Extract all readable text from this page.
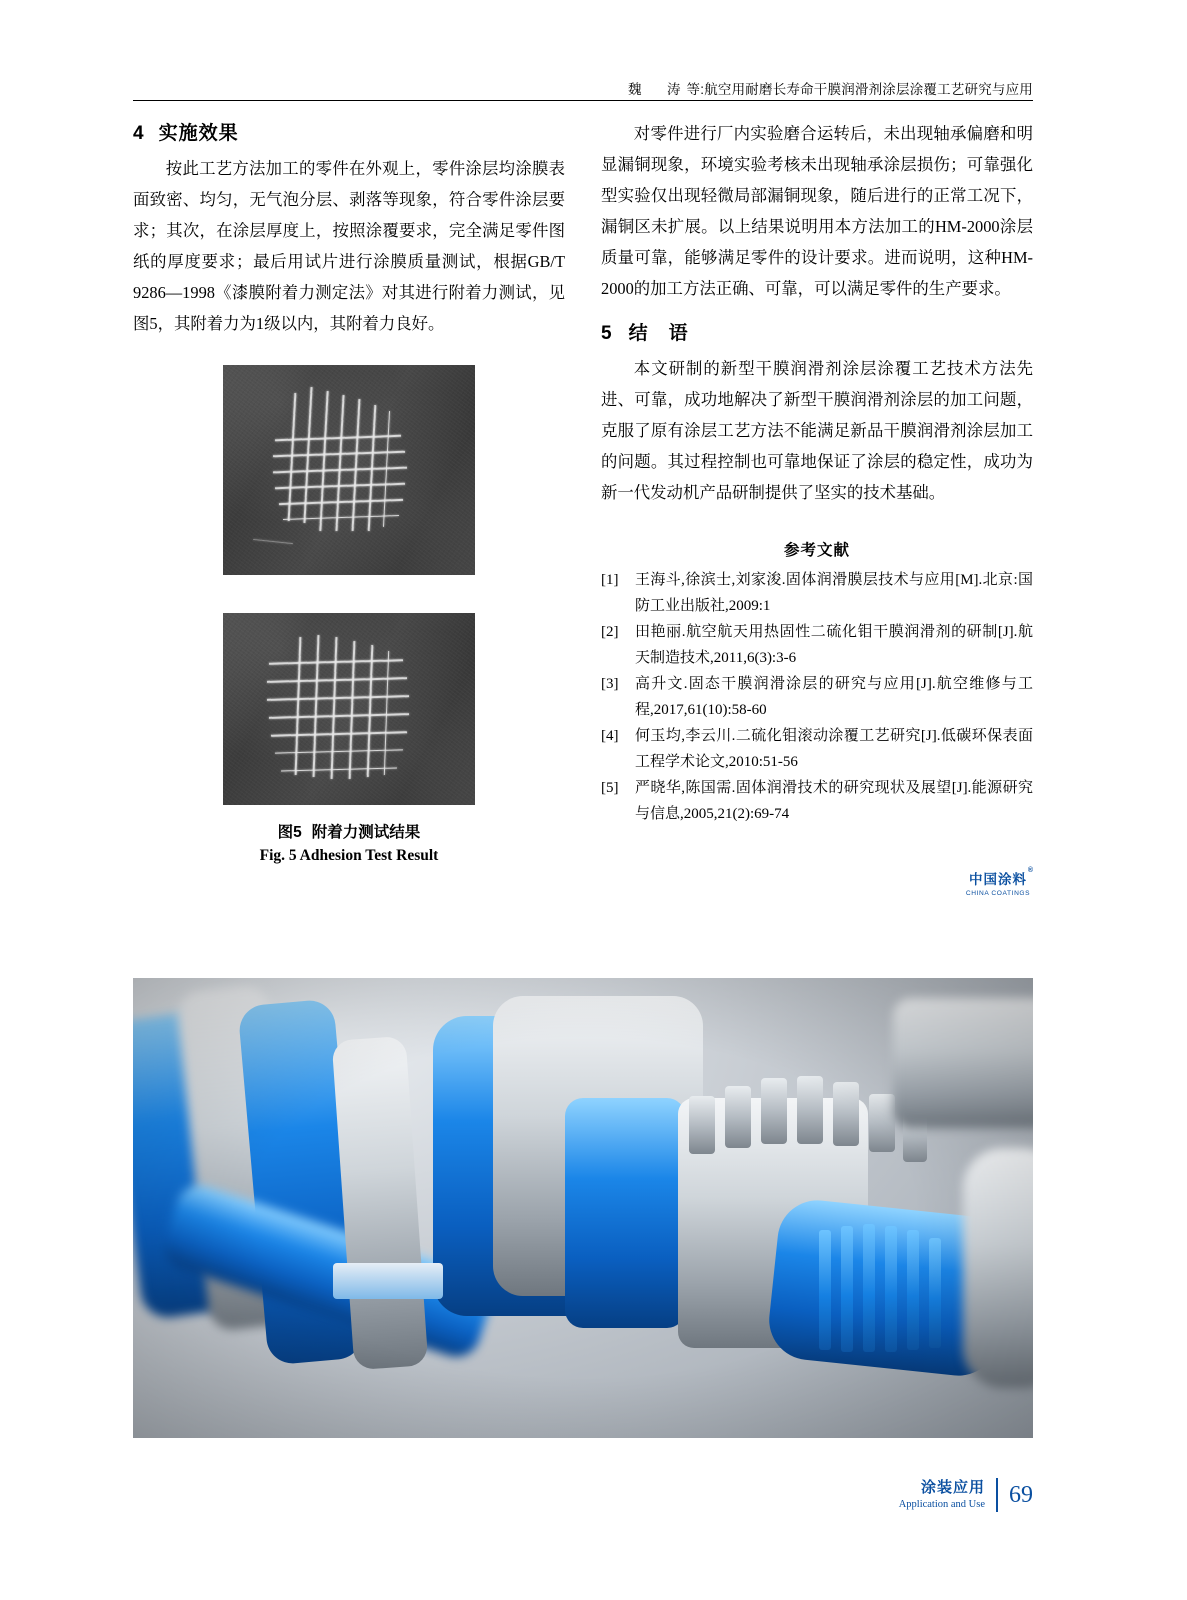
魏　涛等:航空用耐磨长寿命干膜润滑剂涂层涂覆工艺研究与应用
4 实施效果

按此工艺方法加工的零件在外观上，零件涂层均涂膜表面致密、均匀，无气泡分层、剥落等现象，符合零件涂层要求；其次，在涂层厚度上，按照涂覆要求，完全满足零件图纸的厚度要求；最后用试片进行涂膜质量测试，根据GB/T 9286—1998《漆膜附着力测定法》对其进行附着力测试，见图5，其附着力为1级以内，其附着力良好。

图5 附着力测试结果
Fig. 5 Adhesion Test Result

对零件进行厂内实验磨合运转后，未出现轴承偏磨和明显漏铜现象，环境实验考核未出现轴承涂层损伤；可靠强化型实验仅出现轻微局部漏铜现象，随后进行的正常工况下，漏铜区未扩展。以上结果说明用本方法加工的HM-2000涂层质量可靠，能够满足零件的设计要求。进而说明，这种HM-2000的加工方法正确、可靠，可以满足零件的生产要求。

5 结　语

本文研制的新型干膜润滑剂涂层涂覆工艺技术方法先进、可靠，成功地解决了新型干膜润滑剂涂层的加工问题，克服了原有涂层工艺方法不能满足新品干膜润滑剂涂层加工的问题。其过程控制也可靠地保证了涂层的稳定性，成功为新一代发动机产品研制提供了坚实的技术基础。

参考文献
[1]	王海斗,徐滨士,刘家浚.固体润滑膜层技术与应用[M].北京:国防工业出版社,2009:1
[2]	田艳丽.航空航天用热固性二硫化钼干膜润滑剂的研制[J].航天制造技术,2011,6(3):3-6
[3]	高升文.固态干膜润滑涂层的研究与应用[J].航空维修与工程,2017,61(10):58-60
[4]	何玉均,李云川.二硫化钼滚动涂覆工艺研究[J].低碳环保表面工程学术论文,2010:51-56
[5]	严晓华,陈国需.固体润滑技术的研究现状及展望[J].能源研究与信息,2005,21(2):69-74
中国涂料
®
CHINA COATINGS
涂装应用
Application and Use 69
